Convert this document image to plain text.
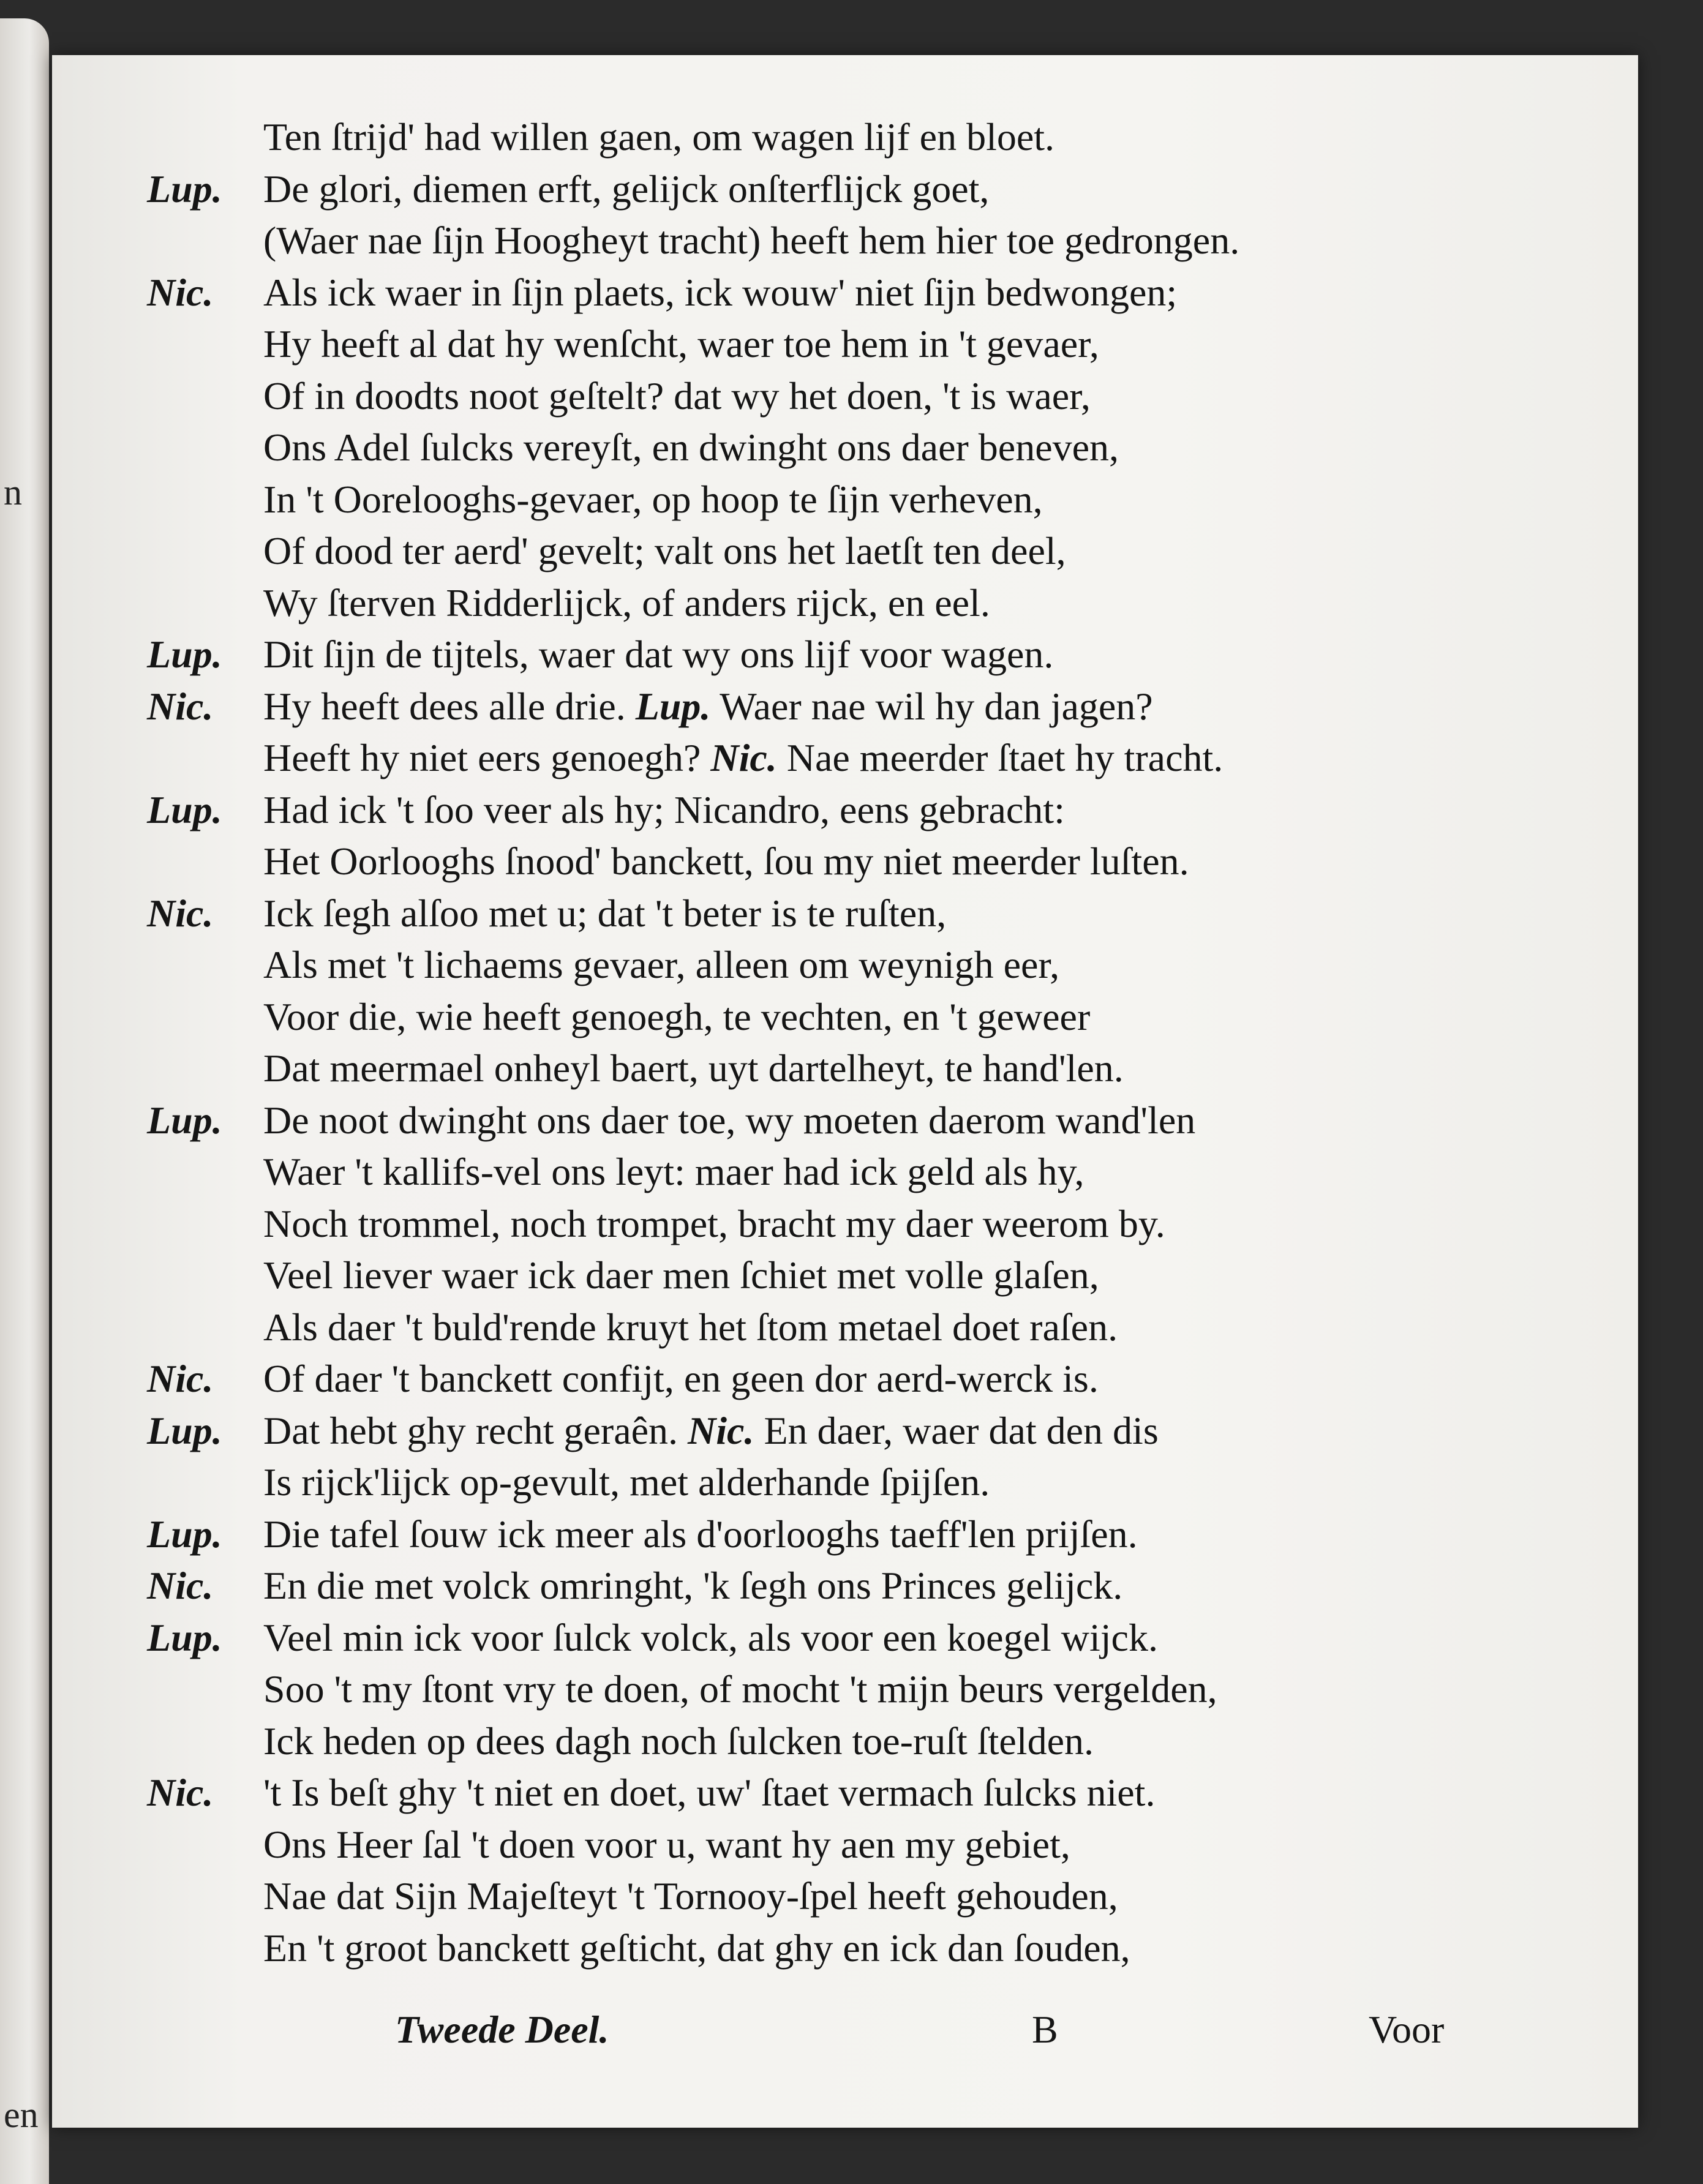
n
en
Ten ſtrijd' had willen gaen, om wagen lijf en bloet.
Lup. De glori, diemen erft, gelijck onſterflijck goet,
(Waer nae ſijn Hoogheyt tracht) heeft hem hier toe gedrongen.
Nic. Als ick waer in ſijn plaets, ick wouw' niet ſijn bedwongen;
Hy heeft al dat hy wenſcht, waer toe hem in 't gevaer,
Of in doodts noot geſtelt? dat wy het doen, 't is waer,
Ons Adel ſulcks vereyſt, en dwinght ons daer beneven,
In 't Oorelooghs-gevaer, op hoop te ſijn verheven,
Of dood ter aerd' gevelt; valt ons het laetſt ten deel,
Wy ſterven Ridderlijck, of anders rijck, en eel.
Lup. Dit ſijn de tijtels, waer dat wy ons lijf voor wagen.
Nic. Hy heeft dees alle drie. Lup. Waer nae wil hy dan jagen?
Heeft hy niet eers genoegh? Nic. Nae meerder ſtaet hy tracht.
Lup. Had ick 't ſoo veer als hy; Nicandro, eens gebracht:
Het Oorlooghs ſnood' banckett, ſou my niet meerder luſten.
Nic. Ick ſegh alſoo met u; dat 't beter is te ruſten,
Als met 't lichaems gevaer, alleen om weynigh eer,
Voor die, wie heeft genoegh, te vechten, en 't geweer
Dat meermael onheyl baert, uyt dartelheyt, te hand'len.
Lup. De noot dwinght ons daer toe, wy moeten daerom wand'len
Waer 't kallifs-vel ons leyt: maer had ick geld als hy,
Noch trommel, noch trompet, bracht my daer weerom by.
Veel liever waer ick daer men ſchiet met volle glaſen,
Als daer 't buld'rende kruyt het ſtom metael doet raſen.
Nic. Of daer 't banckett confijt, en geen dor aerd-werck is.
Lup. Dat hebt ghy recht geraên. Nic. En daer, waer dat den dis
Is rijck'lijck op-gevult, met alderhande ſpijſen.
Lup. Die tafel ſouw ick meer als d'oorlooghs taeff'len prijſen.
Nic. En die met volck omringht, 'k ſegh ons Princes gelijck.
Lup. Veel min ick voor ſulck volck, als voor een koegel wijck.
Soo 't my ſtont vry te doen, of mocht 't mijn beurs vergelden,
Ick heden op dees dagh noch ſulcken toe-ruſt ſtelden.
Nic. 't Is beſt ghy 't niet en doet, uw' ſtaet vermach ſulcks niet.
Ons Heer ſal 't doen voor u, want hy aen my gebiet,
Nae dat Sijn Majeſteyt 't Tornooy-ſpel heeft gehouden,
En 't groot banckett geſticht, dat ghy en ick dan ſouden,
Tweede Deel.	B	Voor
